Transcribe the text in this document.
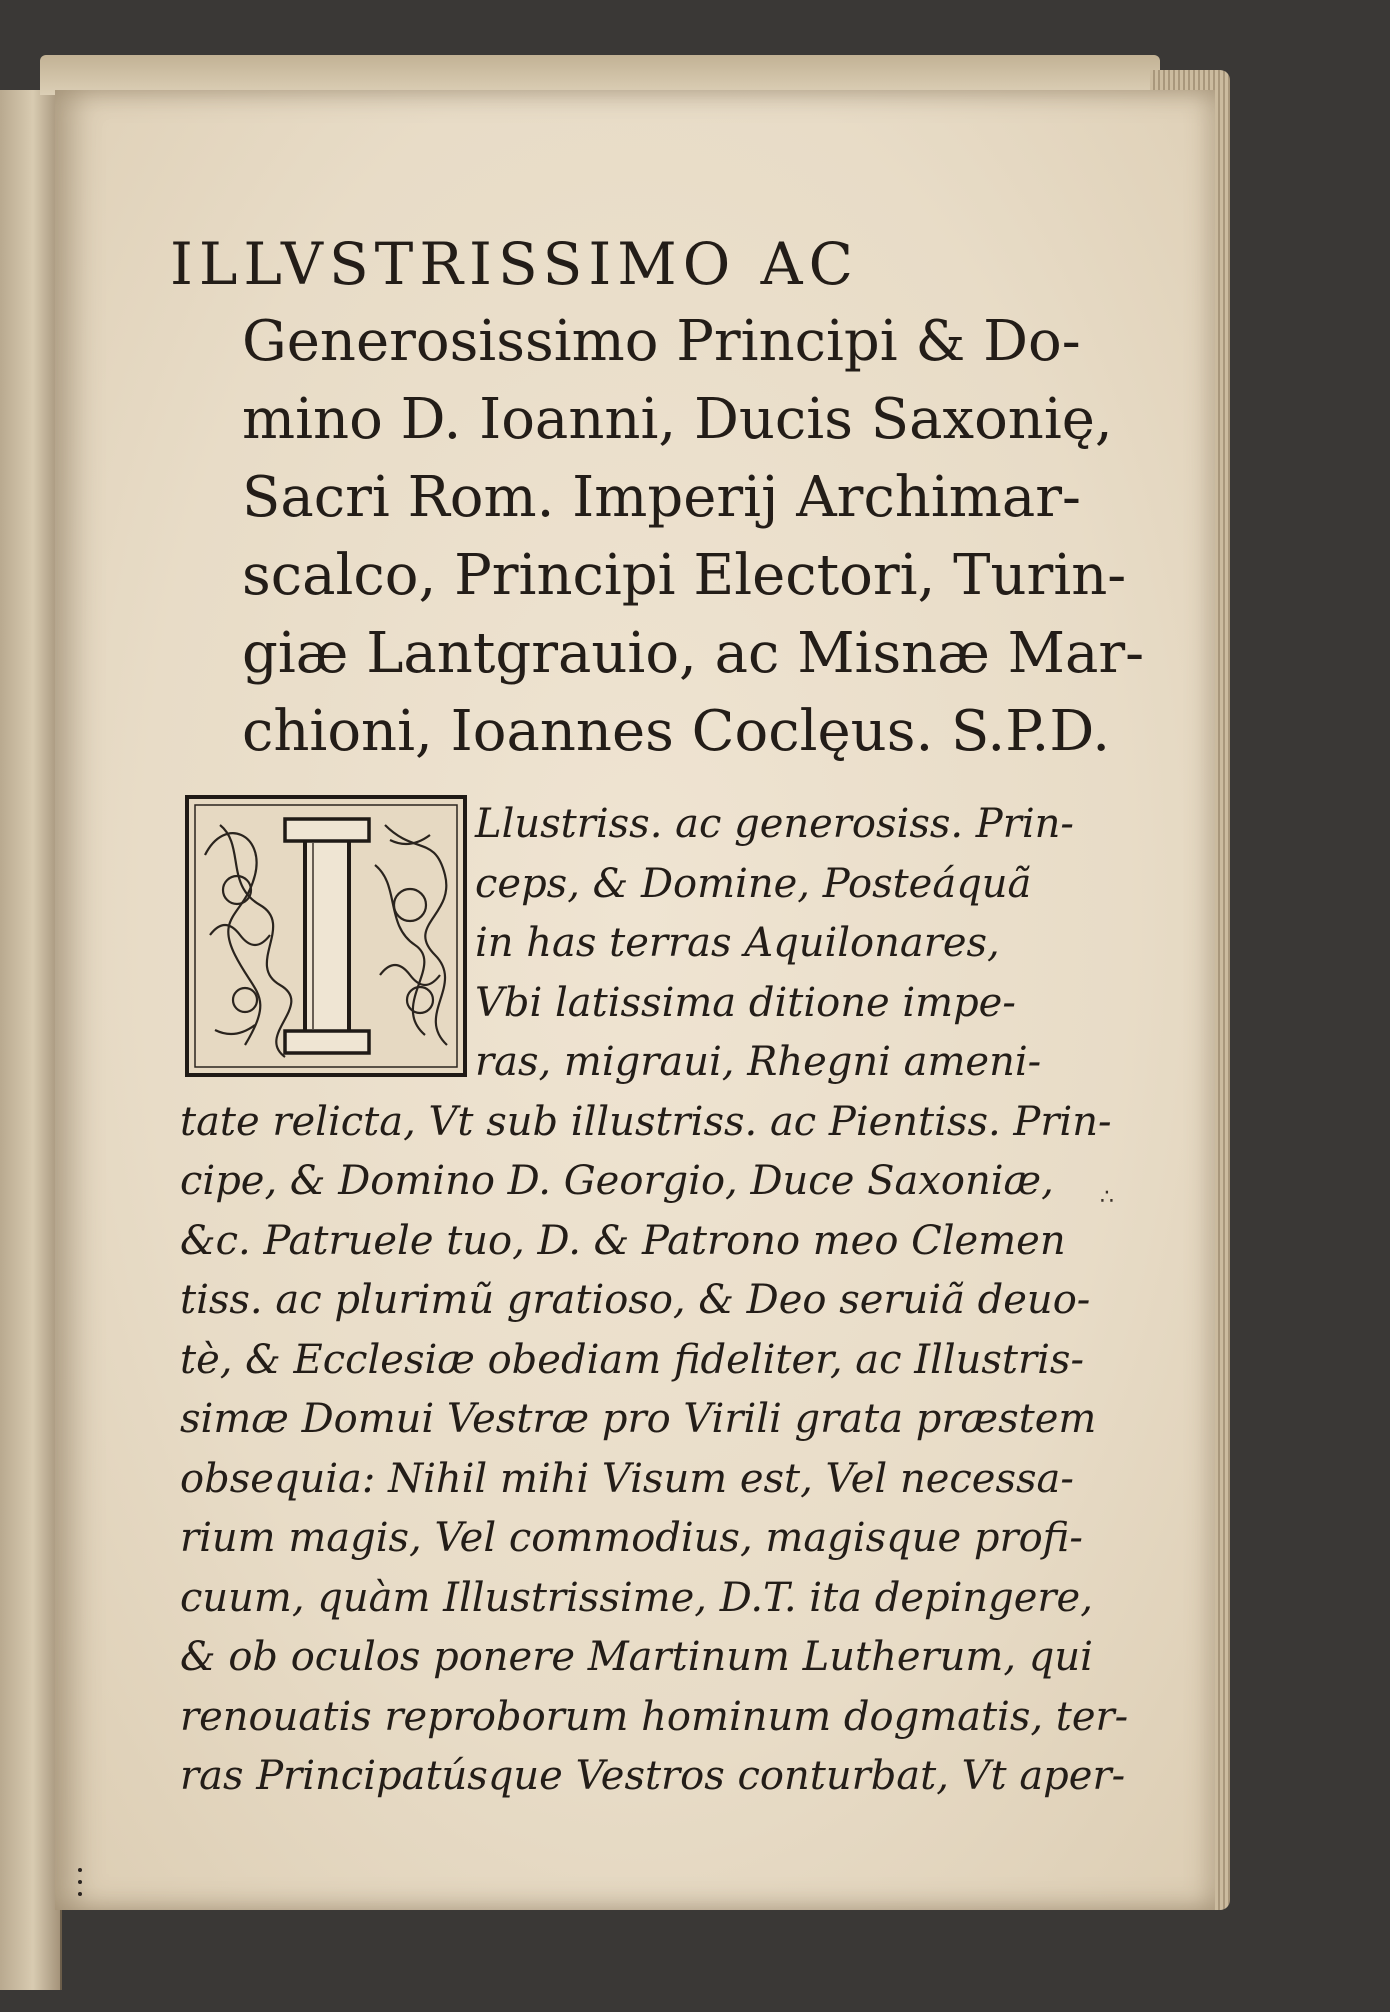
ILLVSTRISSIMO AC
Generosissimo Principi & Do-
mino D. Ioanni, Ducis Saxonię,
Sacri Rom. Imperij Archimar-
scalco, Principi Electori, Turin-
giæ Lantgrauio, ac Misnæ Mar-
chioni, Ioannes Coclęus. S.P.D.
Llustriss. ac generosiss. Prin-
ceps, & Domine, Posteáquã
in has terras Aquilonares,
Vbi latissima ditione impe-
ras, migraui, Rhegni ameni-
tate relicta, Vt sub illustriss. ac Pientiss. Prin-
cipe, & Domino D. Georgio, Duce Saxoniæ,
&c. Patruele tuo, D. & Patrono meo Clemen
tiss. ac plurimũ gratioso, & Deo seruiã deuo-
tè, & Ecclesiæ obediam fideliter, ac Illustris-
simæ Domui Vestræ pro Virili grata præstem
obsequia: Nihil mihi Visum est, Vel necessa-
rium magis, Vel commodius, magisque profi-
cuum, quàm Illustrissime, D.T. ita depingere,
& ob oculos ponere Martinum Lutherum, qui
renouatis reproborum hominum dogmatis, ter-
ras Principatúsque Vestros conturbat, Vt aper-
∴
